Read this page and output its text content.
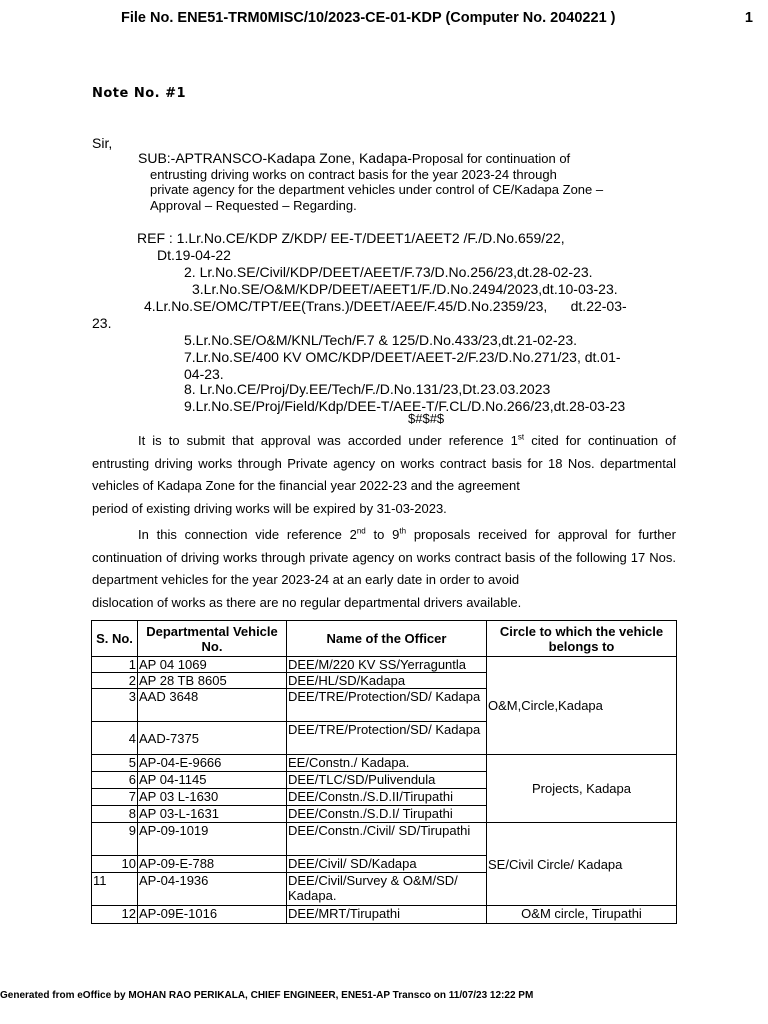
File No. ENE51-TRM0MISC/10/2023-CE-01-KDP (Computer No. 2040221 )	1
Note No. #1
Sir,
SUB:-APTRANSCO-Kadapa Zone, Kadapa-Proposal for continuation of
entrusting driving works on contract basis for the year 2023-24 through
private agency for the department vehicles under control of CE/Kadapa Zone –
Approval – Requested – Regarding.
REF : 1.Lr.No.CE/KDP Z/KDP/ EE-T/DEET1/AEET2 /F./D.No.659/22,
Dt.19-04-22
2. Lr.No.SE/Civil/KDP/DEET/AEET/F.73/D.No.256/23,dt.28-02-23.
3.Lr.No.SE/O&M/KDP/DEET/AEET1/F./D.No.2494/2023,dt.10-03-23.
4.Lr.No.SE/OMC/TPT/EE(Trans.)/DEET/AEE/F.45/D.No.2359/23,      dt.22-03-
23.
5.Lr.No.SE/O&M/KNL/Tech/F.7 & 125/D.No.433/23,dt.21-02-23.
7.Lr.No.SE/400 KV OMC/KDP/DEET/AEET-2/F.23/D.No.271/23, dt.01-
04-23.
8. Lr.No.CE/Proj/Dy.EE/Tech/F./D.No.131/23,Dt.23.03.2023
9.Lr.No.SE/Proj/Field/Kdp/DEE-T/AEE-T/F.CL/D.No.266/23,dt.28-03-23
$#$#$
It is to submit that approval was accorded under reference 1st cited for continuation of entrusting driving works through Private agency on works contract basis for 18 Nos. departmental vehicles of Kadapa Zone for the financial year 2022-23 and the agreement
period of existing driving works will be expired by 31-03-2023.
In this connection vide reference 2nd to 9th proposals received for approval for further continuation of driving works through private agency on works contract basis of the following 17 Nos. department vehicles for the year 2023-24 at an early date in order to avoid
dislocation of works as there are no regular departmental drivers available.
S. No.	Departmental Vehicle No.	Name of the Officer	Circle to which the vehicle belongs to
1	AP 04 1069	DEE/M/220 KV SS/Yerraguntla	O&M,Circle,Kadapa
2	AP 28 TB 8605	DEE/HL/SD/Kadapa	
3	AAD 3648	DEE/TRE/Protection/SD/ Kadapa	
4	AAD-7375	DEE/TRE/Protection/SD/ Kadapa	
5	AP-04-E-9666	EE/Constn./ Kadapa.	Projects, Kadapa
6	AP 04-1145	DEE/TLC/SD/Pulivendula	
7	AP 03 L-1630	DEE/Constn./S.D.II/Tirupathi	
8	AP 03-L-1631	DEE/Constn./S.D.I/ Tirupathi	
9	AP-09-1019	DEE/Constn./Civil/ SD/Tirupathi	SE/Civil Circle/ Kadapa
10	AP-09-E-788	DEE/Civil/ SD/Kadapa	
11	AP-04-1936	DEE/Civil/Survey & O&M/SD/ Kadapa.	
12	AP-09E-1016	DEE/MRT/Tirupathi	O&M circle, Tirupathi
Generated from eOffice by MOHAN RAO PERIKALA, CHIEF ENGINEER, ENE51-AP Transco on 11/07/23 12:22 PM
